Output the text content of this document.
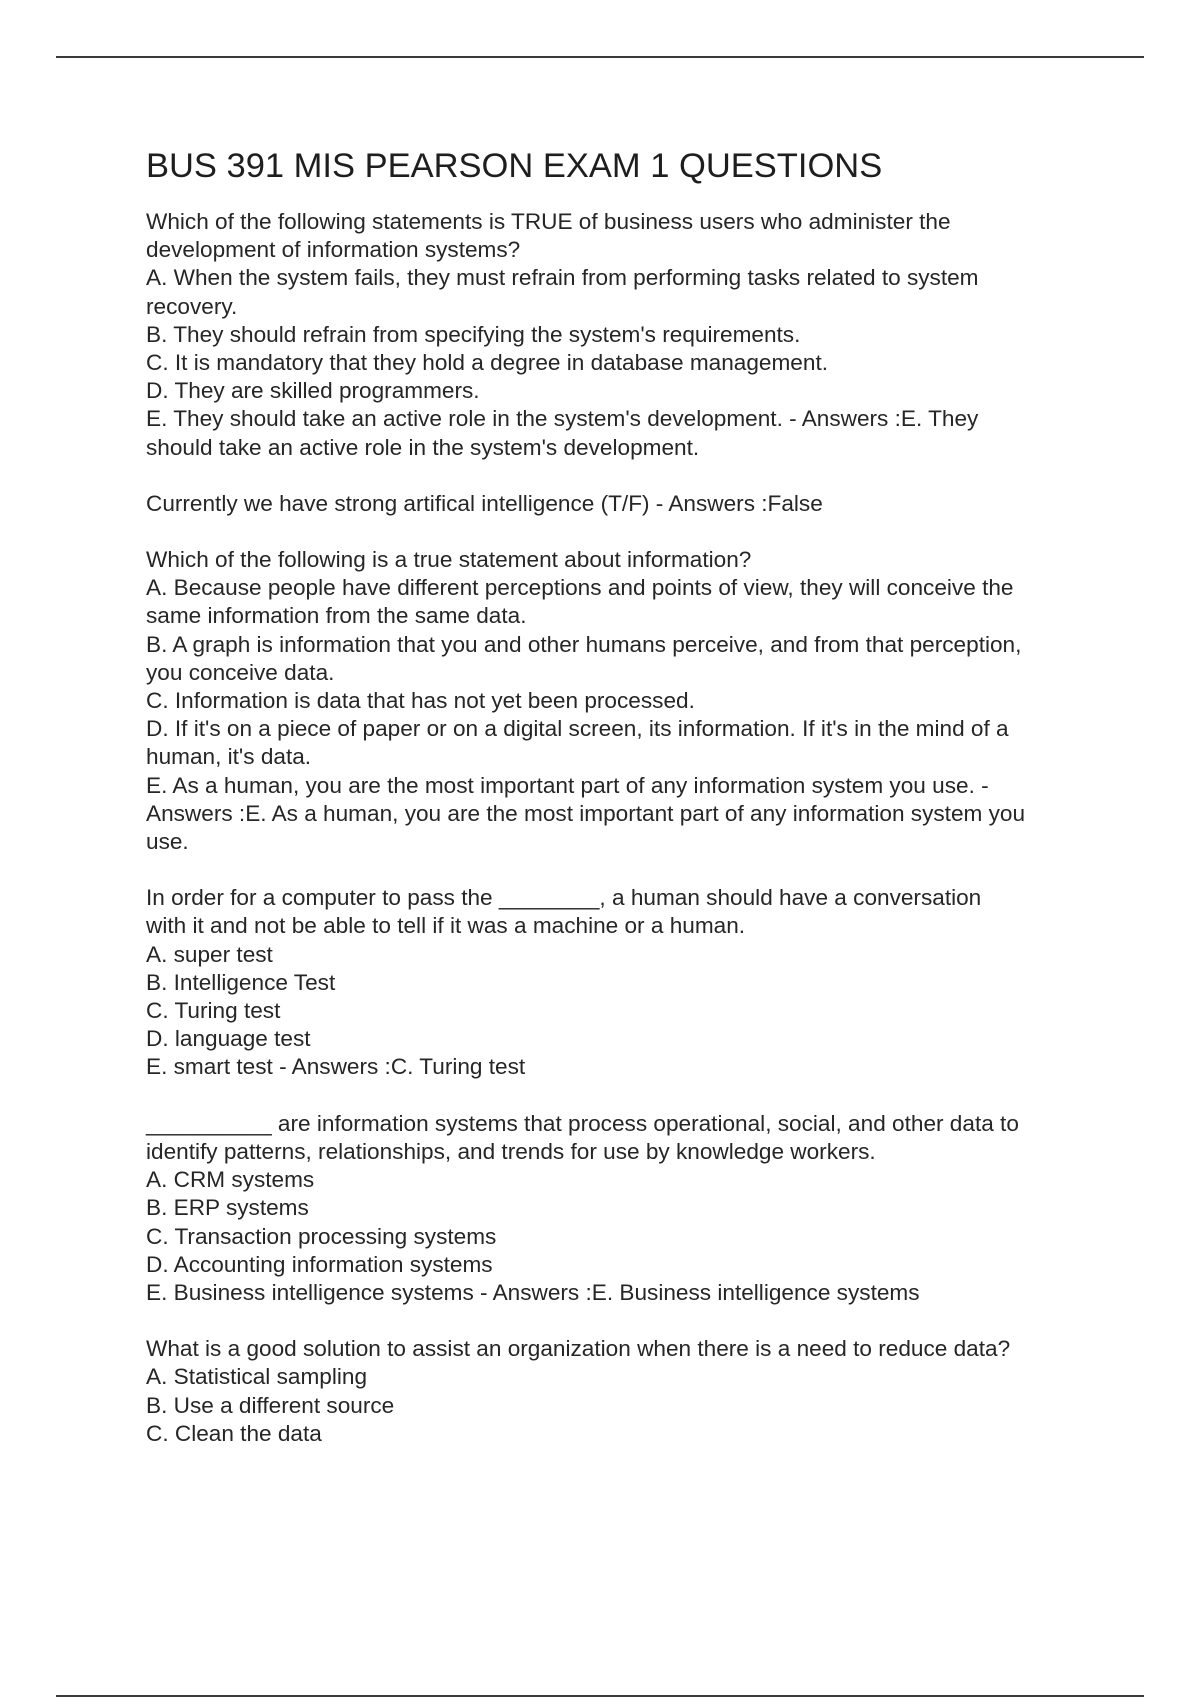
BUS 391 MIS PEARSON EXAM 1 QUESTIONS
Which of the following statements is TRUE of business users who administer the
development of information systems?
A. When the system fails, they must refrain from performing tasks related to system
recovery.
B. They should refrain from specifying the system's requirements.
C. It is mandatory that they hold a degree in database management.
D. They are skilled programmers.
E. They should take an active role in the system's development. - Answers :E. They
should take an active role in the system's development.
Currently we have strong artifical intelligence (T/F) - Answers :False
Which of the following is a true statement about information?
A. Because people have different perceptions and points of view, they will conceive the
same information from the same data.
B. A graph is information that you and other humans perceive, and from that perception,
you conceive data.
C. Information is data that has not yet been processed.
D. If it's on a piece of paper or on a digital screen, its information. If it's in the mind of a
human, it's data.
E. As a human, you are the most important part of any information system you use. -
Answers :E. As a human, you are the most important part of any information system you
use.
In order for a computer to pass the ________, a human should have a conversation
with it and not be able to tell if it was a machine or a human.
A. super test
B. Intelligence Test
C. Turing test
D. language test
E. smart test - Answers :C. Turing test
__________ are information systems that process operational, social, and other data to
identify patterns, relationships, and trends for use by knowledge workers.
A. CRM systems
B. ERP systems
C. Transaction processing systems
D. Accounting information systems
E. Business intelligence systems - Answers :E. Business intelligence systems
What is a good solution to assist an organization when there is a need to reduce data?
A. Statistical sampling
B. Use a different source
C. Clean the data
